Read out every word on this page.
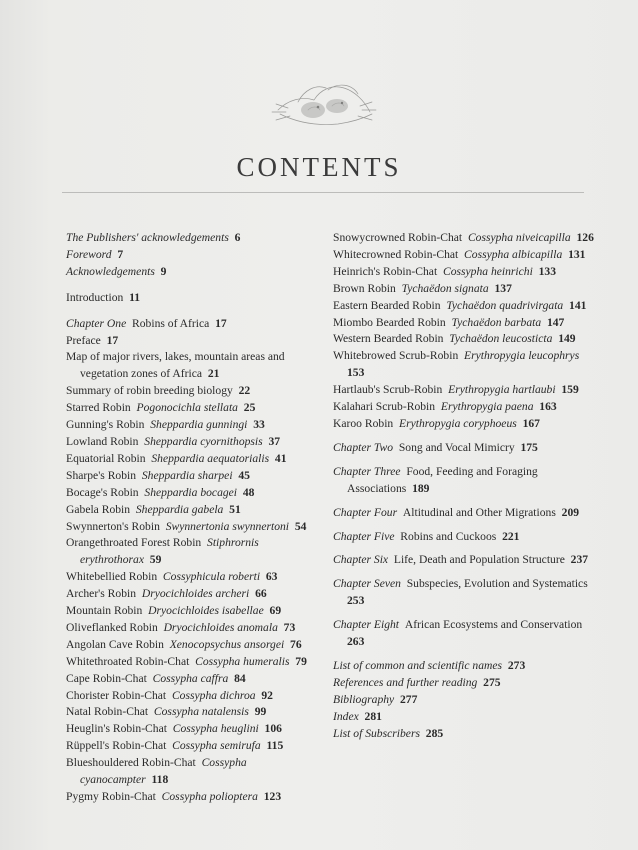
CONTENTS
The Publishers' acknowledgements  6
Foreword  7
Acknowledgements  9
Introduction  11
Chapter One  Robins of Africa  17
Preface  17
Map of major rivers, lakes, mountain areas and vegetation zones of Africa  21
Summary of robin breeding biology  22
Starred Robin  Pogonocichla stellata  25
Gunning's Robin  Sheppardia gunningi  33
Lowland Robin  Sheppardia cyornithopsis  37
Equatorial Robin  Sheppardia aequatorialis  41
Sharpe's Robin  Sheppardia sharpei  45
Bocage's Robin  Sheppardia bocagei  48
Gabela Robin  Sheppardia gabela  51
Swynnerton's Robin  Swynnertonia swynnertoni  54
Orangethroated Forest Robin  Stiphrornis erythrothorax  59
Whitebellied Robin  Cossyphicula roberti  63
Archer's Robin  Dryocichloides archeri  66
Mountain Robin  Dryocichloides isabellae  69
Oliveflanked Robin  Dryocichloides anomala  73
Angolan Cave Robin  Xenocopsychus ansorgei  76
Whitethroated Robin-Chat  Cossypha humeralis  79
Cape Robin-Chat  Cossypha caffra  84
Chorister Robin-Chat  Cossypha dichroa  92
Natal Robin-Chat  Cossypha natalensis  99
Heuglin's Robin-Chat  Cossypha heuglini  106
Rüppell's Robin-Chat  Cossypha semirufa  115
Blueshouldered Robin-Chat  Cossypha cyanocampter  118
Pygmy Robin-Chat  Cossypha polioptera  123
Snowycrowned Robin-Chat  Cossypha niveicapilla  126
Whitecrowned Robin-Chat  Cossypha albicapilla  131
Heinrich's Robin-Chat  Cossypha heinrichi  133
Brown Robin  Tychaëdon signata  137
Eastern Bearded Robin  Tychaëdon quadrivirgata  141
Miombo Bearded Robin  Tychaëdon barbata  147
Western Bearded Robin  Tychaëdon leucosticta  149
Whitebrowed Scrub-Robin  Erythropygia leucophrys 153
Hartlaub's Scrub-Robin  Erythropygia hartlaubi  159
Kalahari Scrub-Robin  Erythropygia paena  163
Karoo Robin  Erythropygia coryphoeus  167
Chapter Two  Song and Vocal Mimicry  175
Chapter Three  Food, Feeding and Foraging Associations  189
Chapter Four  Altitudinal and Other Migrations  209
Chapter Five  Robins and Cuckoos  221
Chapter Six  Life, Death and Population Structure  237
Chapter Seven  Subspecies, Evolution and Systematics 253
Chapter Eight  African Ecosystems and Conservation 263
List of common and scientific names  273
References and further reading  275
Bibliography  277
Index  281
List of Subscribers  285
